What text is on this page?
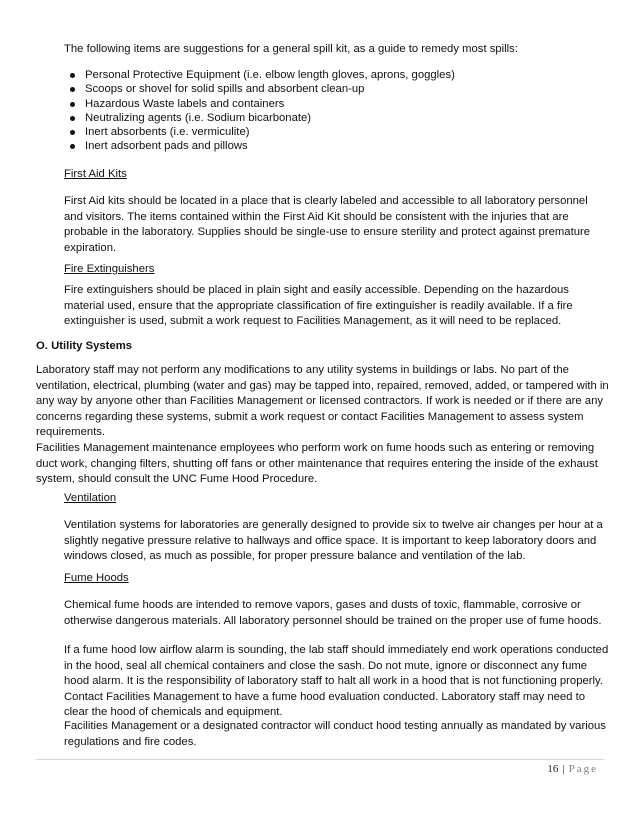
The following items are suggestions for a general spill kit, as a guide to remedy most spills:

Personal Protective Equipment (i.e. elbow length gloves, aprons, goggles)
Scoops or shovel for solid spills and absorbent clean-up
Hazardous Waste labels and containers
Neutralizing agents (i.e. Sodium bicarbonate)
Inert absorbents (i.e. vermiculite)
Inert adsorbent pads and pillows

First Aid Kits

First Aid kits should be located in a place that is clearly labeled and accessible to all laboratory personnel and visitors. The items contained within the First Aid Kit should be consistent with the injuries that are probable in the laboratory. Supplies should be single-use to ensure sterility and protect against premature expiration.

Fire Extinguishers

Fire extinguishers should be placed in plain sight and easily accessible. Depending on the hazardous material used, ensure that the appropriate classification of fire extinguisher is readily available. If a fire extinguisher is used, submit a work request to Facilities Management, as it will need to be replaced.

O. Utility Systems

Laboratory staff may not perform any modifications to any utility systems in buildings or labs. No part of the ventilation, electrical, plumbing (water and gas) may be tapped into, repaired, removed, added, or tampered with in any way by anyone other than Facilities Management or licensed contractors. If work is needed or if there are any concerns regarding these systems, submit a work request or contact Facilities Management to assess system requirements.

Facilities Management maintenance employees who perform work on fume hoods such as entering or removing duct work, changing filters, shutting off fans or other maintenance that requires entering the inside of the exhaust system, should consult the UNC Fume Hood Procedure.

Ventilation

Ventilation systems for laboratories are generally designed to provide six to twelve air changes per hour at a slightly negative pressure relative to hallways and office space. It is important to keep laboratory doors and windows closed, as much as possible, for proper pressure balance and ventilation of the lab.

Fume Hoods

Chemical fume hoods are intended to remove vapors, gases and dusts of toxic, flammable, corrosive or otherwise dangerous materials. All laboratory personnel should be trained on the proper use of fume hoods.

If a fume hood low airflow alarm is sounding, the lab staff should immediately end work operations conducted in the hood, seal all chemical containers and close the sash. Do not mute, ignore or disconnect any fume hood alarm. It is the responsibility of laboratory staff to halt all work in a hood that is not functioning properly. Contact Facilities Management to have a fume hood evaluation conducted. Laboratory staff may need to clear the hood of chemicals and equipment.

Facilities Management or a designated contractor will conduct hood testing annually as mandated by various regulations and fire codes.

16 | Page
